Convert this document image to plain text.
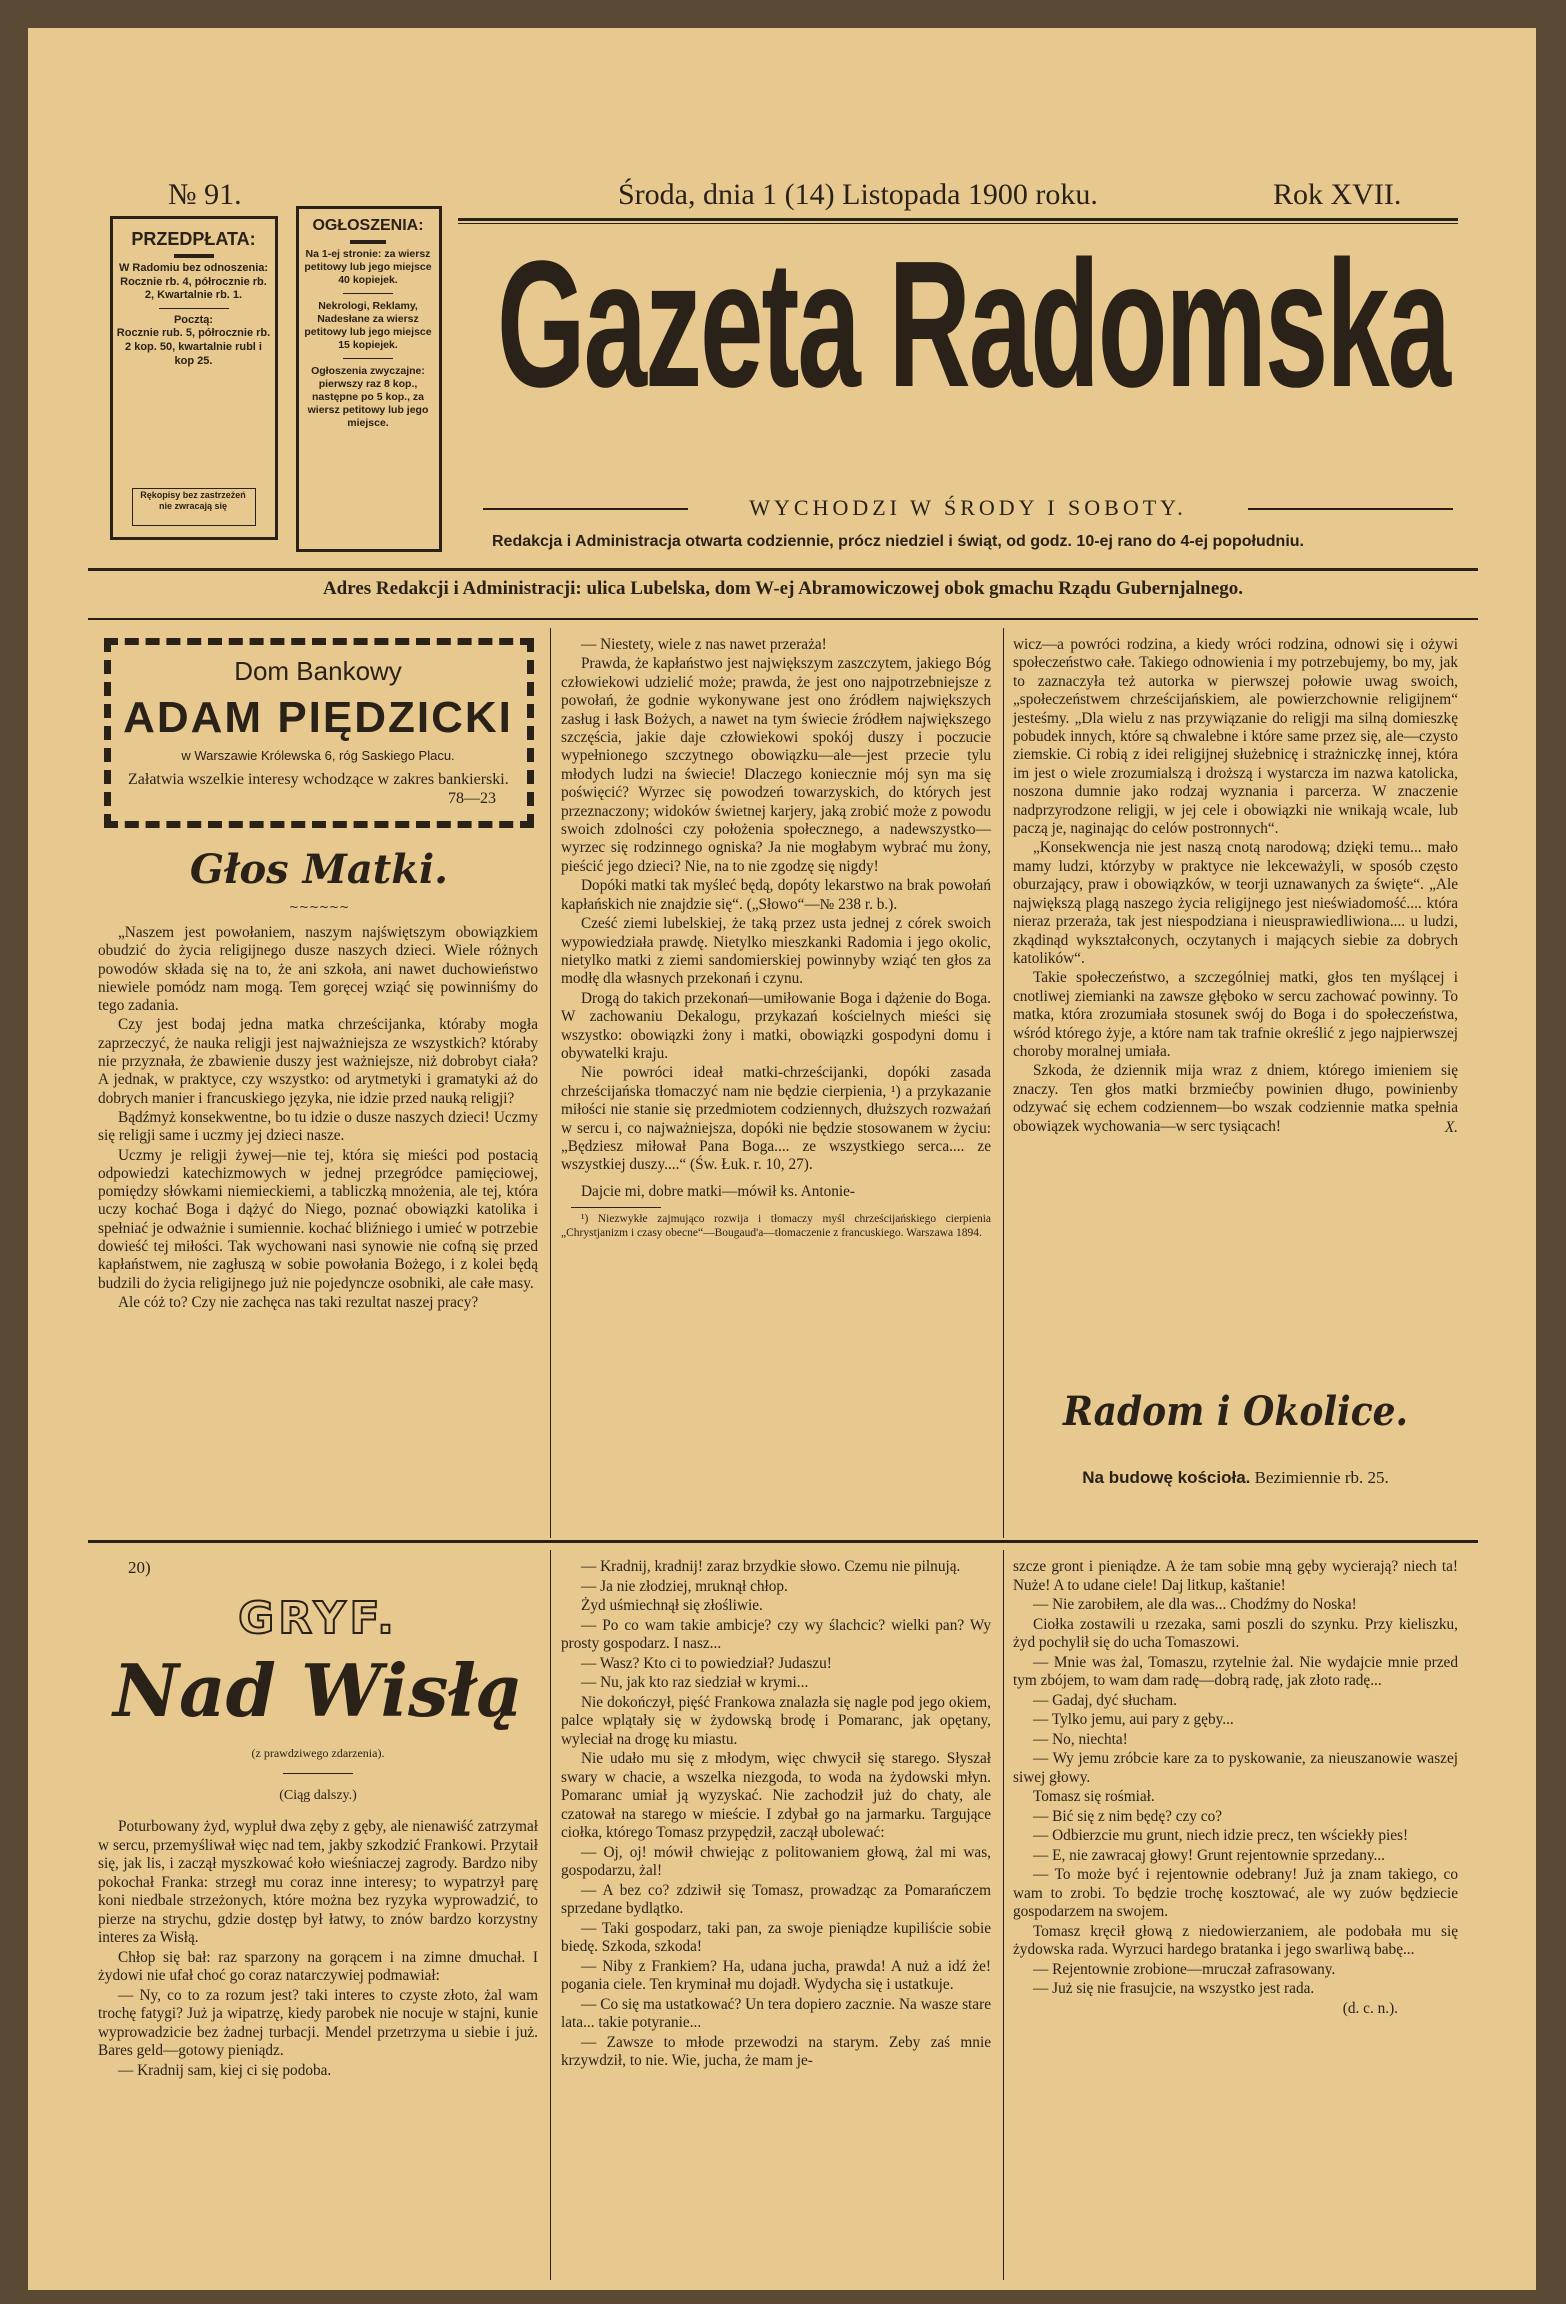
№ 91.	Środa, dnia 1 (14) Listopada 1900 roku.	Rok XVII.
PRZEDPŁATA:
W Radomiu bez odnoszenia:
Rocznie rb. 4, półrocznie rb. 2, Kwartalnie rb. 1.
Pocztą:
Rocznie rub. 5, półrocznie rb. 2 kop. 50, kwartalnie rubl i kop 25.
Rękopisy bez zastrzeżeń nie zwracają się
OGŁOSZENIA:
Na 1-ej stronie: za wiersz petitowy lub jego miejsce 40 kopiejek.
Nekrologi, Reklamy, Nadesłane za wiersz petitowy lub jego miejsce 15 kopiejek.
Ogłoszenia zwyczajne:
pierwszy raz 8 kop., następne po 5 kop., za wiersz petitowy lub jego miejsce. Gazeta Radomska
WYCHODZI W ŚRODY I SOBOTY.
Redakcja i Administracja otwarta codziennie, prócz niedziel i świąt, od godz. 10-ej rano do 4-ej popołudniu.
Adres Redakcji i Administracji: ulica Lubelska, dom W-ej Abramowiczowej obok gmachu Rządu Gubernjalnego.
Dom Bankowy
ADAM PIĘDZICKI
w Warszawie Królewska 6, róg Saskiego Placu.
Załatwia wszelkie interesy wchodzące w zakres bankierski.
78—23
Głos Matki.
~~~~~~

„Naszem jest powołaniem, naszym najświętszym obowiązkiem obudzić do życia religijnego dusze naszych dzieci. Wiele różnych powodów składa się na to, że ani szkoła, ani nawet duchowieństwo niewiele pomódz nam mogą. Tem goręcej wziąć się powinniśmy do tego zadania.

Czy jest bodaj jedna matka chrześcijanka, któraby mogła zaprzeczyć, że nauka religji jest najważniejsza ze wszystkich? któraby nie przyznała, że zbawienie duszy jest ważniejsze, niż dobrobyt ciała? A jednak, w praktyce, czy wszystko: od arytmetyki i gramatyki aż do dobrych manier i francuskiego języka, nie idzie przed nauką religji?

Bądźmyż konsekwentne, bo tu idzie o dusze naszych dzieci! Uczmy się religji same i uczmy jej dzieci nasze.

Uczmy je religji żywej—nie tej, która się mieści pod postacią odpowiedzi katechizmowych w jednej przegródce pamięciowej, pomiędzy słówkami niemieckiemi, a tabliczką mnożenia, ale tej, która uczy kochać Boga i dążyć do Niego, poznać obowiązki katolika i spełniać je odważnie i sumiennie. kochać bliźniego i umieć w potrzebie dowieść tej miłości. Tak wychowani nasi synowie nie cofną się przed kapłaństwem, nie zagłuszą w sobie powołania Bożego, i z kolei będą budzili do życia religijnego już nie pojedyncze osobniki, ale całe masy.

Ale cóż to? Czy nie zachęca nas taki rezultat naszej pracy?

— Niestety, wiele z nas nawet przeraża!

Prawda, że kapłaństwo jest największym zaszczytem, jakiego Bóg człowiekowi udzielić może; prawda, że jest ono najpotrzebniejsze z powołań, że godnie wykonywane jest ono źródłem największych zasług i łask Bożych, a nawet na tym świecie źródłem największego szczęścia, jakie daje człowiekowi spokój duszy i poczucie wypełnionego szczytnego obowiązku—ale—jest przecie tylu młodych ludzi na świecie! Dlaczego koniecznie mój syn ma się poświęcić? Wyrzec się powodzeń towarzyskich, do których jest przeznaczony; widoków świetnej karjery, jaką zrobić może z powodu swoich zdolności czy położenia społecznego, a nadewszystko—wyrzec się rodzinnego ogniska? Ja nie mogłabym wybrać mu żony, pieścić jego dzieci? Nie, na to nie zgodzę się nigdy!

Dopóki matki tak myśleć będą, dopóty lekarstwo na brak powołań kapłańskich nie znajdzie się“. („Słowo“—№ 238 r. b.).

Cześć ziemi lubelskiej, że taką przez usta jednej z córek swoich wypowiedziała prawdę. Nietylko mieszkanki Radomia i jego okolic, nietylko matki z ziemi sandomierskiej powinnyby wziąć ten głos za modłę dla własnych przekonań i czynu.

Drogą do takich przekonań—umiłowanie Boga i dążenie do Boga. W zachowaniu Dekalogu, przykazań kościelnych mieści się wszystko: obowiązki żony i matki, obowiązki gospodyni domu i obywatelki kraju.

Nie powróci ideał matki-chrześcijanki, dopóki zasada chrześcijańska tłomaczyć nam nie będzie cierpienia, ¹) a przykazanie miłości nie stanie się przedmiotem codziennych, dłuższych rozważań w sercu i, co najważniejsza, dopóki nie będzie stosowanem w życiu: „Będziesz miłował Pana Boga.... ze wszystkiego serca.... ze wszystkiej duszy....“ (Św. Łuk. r. 10, 27).

Dajcie mi, dobre matki—mówił ks. Antonie-

¹) Niezwykłe zajmująco rozwija i tłomaczy myśl chrześcijańskiego cierpienia „Chrystjanizm i czasy obecne“—Bougaud'a—tłomaczenie z francuskiego. Warszawa 1894.

wicz—a powróci rodzina, a kiedy wróci rodzina, odnowi się i ożywi społeczeństwo całe. Takiego odnowienia i my potrzebujemy, bo my, jak to zaznaczyła też autorka w pierwszej połowie uwag swoich, „społeczeństwem chrześcijańskiem, ale powierzchownie religijnem“ jesteśmy. „Dla wielu z nas przywiązanie do religji ma silną domieszkę pobudek innych, które są chwalebne i które same przez się, ale—czysto ziemskie. Ci robią z idei religijnej służebnicę i strażniczkę innej, która im jest o wiele zrozumialszą i droższą i wystarcza im nazwa katolicka, noszona dumnie jako rodzaj wyznania i parcerza. W znaczenie nadprzyrodzone religji, w jej cele i obowiązki nie wnikają wcale, lub paczą je, naginając do celów postronnych“.

„Konsekwencja nie jest naszą cnotą narodową; dzięki temu... mało mamy ludzi, którzyby w praktyce nie lekceważyli, w sposób często oburzający, praw i obowiązków, w teorji uznawanych za święte“. „Ale największą plagą naszego życia religijnego jest nieświadomość.... która nieraz przeraża, tak jest niespodziana i nieusprawiedliwiona.... u ludzi, zkądinąd wykształconych, oczytanych i mających siebie za dobrych katolików“.

Takie społeczeństwo, a szczególniej matki, głos ten myślącej i cnotliwej ziemianki na zawsze głęboko w sercu zachować powinny. To matka, która zrozumiała stosunek swój do Boga i do społeczeństwa, wśród którego żyje, a które nam tak trafnie określić z jego najpierwszej choroby moralnej umiała.

Szkoda, że dziennik mija wraz z dniem, którego imieniem się znaczy. Ten głos matki brzmiećby powinien długo, powinienby odzywać się echem codziennem—bo wszak codziennie matka spełnia obowiązek wychowania—w serc tysiącach!	X.
Radom i Okolice.
Na budowę kościoła. Bezimiennie rb. 25.
20)
GRYF.
Nad Wisłą
(z prawdziwego zdarzenia).
(Ciąg dalszy.)

Poturbowany żyd, wypluł dwa zęby z gęby, ale nienawiść zatrzymał w sercu, przemyśliwał więc nad tem, jakby szkodzić Frankowi. Przytaił się, jak lis, i zaczął myszkować koło wieśniaczej zagrody. Bardzo niby pokochał Franka: strzegł mu coraz inne interesy; to wypatrzył parę koni niedbale strzeżonych, które można bez ryzyka wyprowadzić, to pierze na strychu, gdzie dostęp był łatwy, to znów bardzo korzystny interes za Wisłą.

Chłop się bał: raz sparzony na gorącem i na zimne dmuchał. I żydowi nie ufał choć go coraz natarczywiej podmawiał:

— Ny, co to za rozum jest? taki interes to czyste złoto, żal wam trochę fatygi? Już ja wipatrzę, kiedy parobek nie nocuje w stajni, kunie wyprowadzicie bez żadnej turbacji. Mendel przetrzyma u siebie i już. Bares geld—gotowy pieniądz.

— Kradnij sam, kiej ci się podoba.

— Kradnij, kradnij! zaraz brzydkie słowo. Czemu nie pilnują.

— Ja nie złodziej, mruknął chłop.

Żyd uśmiechnął się złośliwie.

— Po co wam takie ambicje? czy wy ślachcic? wielki pan? Wy prosty gospodarz. I nasz...

— Wasz? Kto ci to powiedział? Judaszu!

— Nu, jak kto raz siedział w krymi...

Nie dokończył, pięść Frankowa znalazła się nagle pod jego okiem, palce wplątały się w żydowską brodę i Pomaranc, jak opętany, wyleciał na drogę ku miastu.

Nie udało mu się z młodym, więc chwycił się starego. Słyszał swary w chacie, a wszelka niezgoda, to woda na żydowski młyn. Pomaranc umiał ją wyzyskać. Nie zachodził już do chaty, ale czatował na starego w mieście. I zdybał go na jarmarku. Targujące ciołka, którego Tomasz przypędził, zaczął ubolewać:

— Oj, oj! mówił chwiejąc z politowaniem głową, żal mi was, gospodarzu, żal!

— A bez co? zdziwił się Tomasz, prowadząc za Pomarańczem sprzedane bydlątko.

— Taki gospodarz, taki pan, za swoje pieniądze kupiliście sobie biedę. Szkoda, szkoda!

— Niby z Frankiem? Ha, udana jucha, prawda! A nuż a idź że! pogania ciele. Ten kryminał mu dojadł. Wydycha się i ustatkuje.

— Co się ma ustatkować? Un tera dopiero zacznie. Na wasze stare lata... takie potyranie...

— Zawsze to młode przewodzi na starym. Zeby zaś mnie krzywdził, to nie. Wie, jucha, że mam je-

szcze gront i pieniądze. A że tam sobie mną gęby wycierają? niech ta! Nuże! A to udane ciele! Daj litkup, kaštanie!

— Nie zarobiłem, ale dla was... Chodźmy do Noska!

Ciołka zostawili u rzezaka, sami poszli do szynku. Przy kieliszku, żyd pochylił się do ucha Tomaszowi.

— Mnie was żal, Tomaszu, rzytelnie żal. Nie wydajcie mnie przed tym zbójem, to wam dam radę—dobrą radę, jak złoto radę...

— Gadaj, dyć słucham.

— Tylko jemu, aui pary z gęby...

— No, niechta!

— Wy jemu zróbcie kare za to pyskowanie, za nieuszanowie waszej siwej głowy.

Tomasz się rośmiał.

— Bić się z nim będę? czy co?

— Odbierzcie mu grunt, niech idzie precz, ten wściekły pies!

— E, nie zawracaj głowy! Grunt rejentownie sprzedany...

— To może być i rejentownie odebrany! Już ja znam takiego, co wam to zrobi. To będzie trochę kosztować, ale wy zuów będziecie gospodarzem na swojem.

Tomasz kręcił głową z niedowierzaniem, ale podobała mu się żydowska rada. Wyrzuci hardego bratanka i jego swarliwą babę...

— Rejentownie zrobione—mruczał zafrasowany.

— Już się nie frasujcie, na wszystko jest rada.

(d. c. n.).
